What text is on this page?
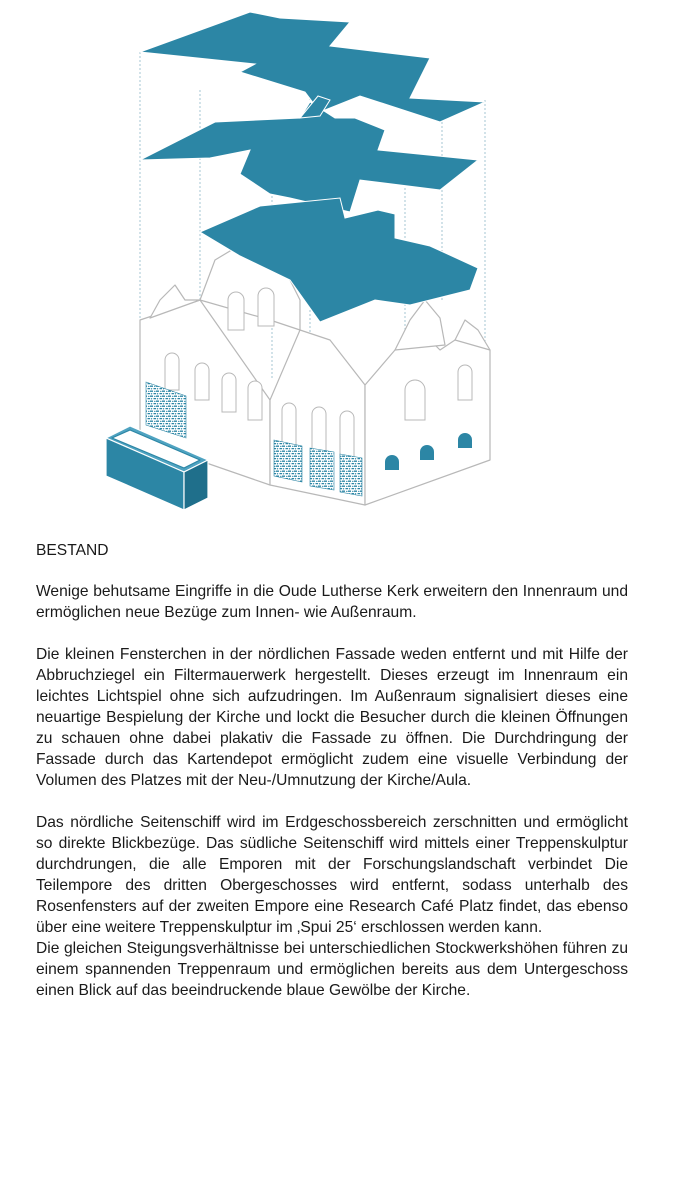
BESTAND

Wenige behutsame Eingriffe in die Oude Lutherse Kerk erweitern den Innenraum und ermöglichen neue Bezüge zum Innen- wie Außenraum.

Die kleinen Fensterchen in der nördlichen Fassade weden entfernt und mit Hilfe der Abbruchziegel ein Filtermauerwerk hergestellt. Dieses erzeugt im Innenraum ein leichtes Lichtspiel ohne sich aufzudringen. Im Außenraum signalisiert dieses eine neuartige Bespielung der Kirche und lockt die Besucher durch die kleinen Öffnungen zu schauen ohne dabei plakativ die Fassade zu öffnen. Die Durchdringung der Fassade durch das Kartendepot ermöglicht zudem eine visuelle Verbindung der Volumen des Platzes mit der Neu-/Umnutzung der Kirche/Aula.

Das nördliche Seitenschiff wird im Erdgeschossbereich zerschnitten und ermöglicht so direkte Blickbezüge. Das südliche Seitenschiff wird mittels einer Treppenskulptur durchdrungen, die alle Emporen mit der Forschungslandschaft verbindet Die Teilempore des dritten Obergeschosses wird entfernt, sodass unterhalb des Rosenfensters auf der zweiten Empore eine Research Café Platz findet, das ebenso über eine weitere Treppenskulptur im ‚Spui 25‘ erschlossen werden kann.

Die gleichen Steigungsverhältnisse bei unterschiedlichen Stockwerkshöhen führen zu einem spannenden Treppenraum und ermöglichen bereits aus dem Untergeschoss einen Blick auf das beeindruckende blaue Gewölbe der Kirche.
